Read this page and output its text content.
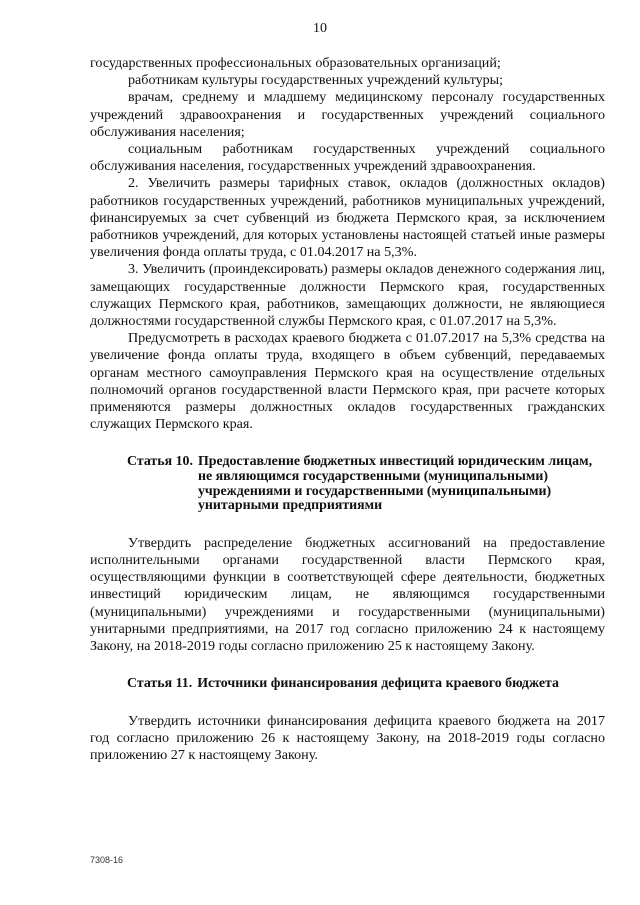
10

государственных профессиональных образовательных организаций;

работникам культуры государственных учреждений культуры;

врачам, среднему и младшему медицинскому персоналу государственных учреждений здравоохранения и государственных учреждений социального обслуживания населения;

социальным работникам государственных учреждений социального обслуживания населения, государственных учреждений здравоохранения.

2. Увеличить размеры тарифных ставок, окладов (должностных окладов) работников государственных учреждений, работников муниципальных учреждений, финансируемых за счет субвенций из бюджета Пермского края, за исключением работников учреждений, для которых установлены настоящей статьей иные размеры увеличения фонда оплаты труда, с 01.04.2017 на 5,3%.

3. Увеличить (проиндексировать) размеры окладов денежного содержания лиц, замещающих государственные должности Пермского края, государственных служащих Пермского края, работников, замещающих должности, не являющиеся должностями государственной службы Пермского края, с 01.07.2017 на 5,3%.

Предусмотреть в расходах краевого бюджета с 01.07.2017 на 5,3% средства на увеличение фонда оплаты труда, входящего в объем субвенций, передаваемых органам местного самоуправления Пермского края на осуществление отдельных полномочий органов государственной власти Пермского края, при расчете которых применяются размеры должностных окладов государственных гражданских служащих Пермского края.

Статья 10. Предоставление бюджетных инвестиций юридическим лицам, не являющимся государственными (муниципальными) учреждениями и государственными (муниципальными) унитарными предприятиями

Утвердить распределение бюджетных ассигнований на предоставление исполнительными органами государственной власти Пермского края, осуществляющими функции в соответствующей сфере деятельности, бюджетных инвестиций юридическим лицам, не являющимся государственными (муниципальными) учреждениями и государственными (муниципальными) унитарными предприятиями, на 2017 год согласно приложению 24 к настоящему Закону, на 2018-2019 годы согласно приложению 25 к настоящему Закону.

Статья 11. Источники финансирования дефицита краевого бюджета

Утвердить источники финансирования дефицита краевого бюджета на 2017 год согласно приложению 26 к настоящему Закону, на 2018-2019 годы согласно приложению 27 к настоящему Закону.

7308-16
